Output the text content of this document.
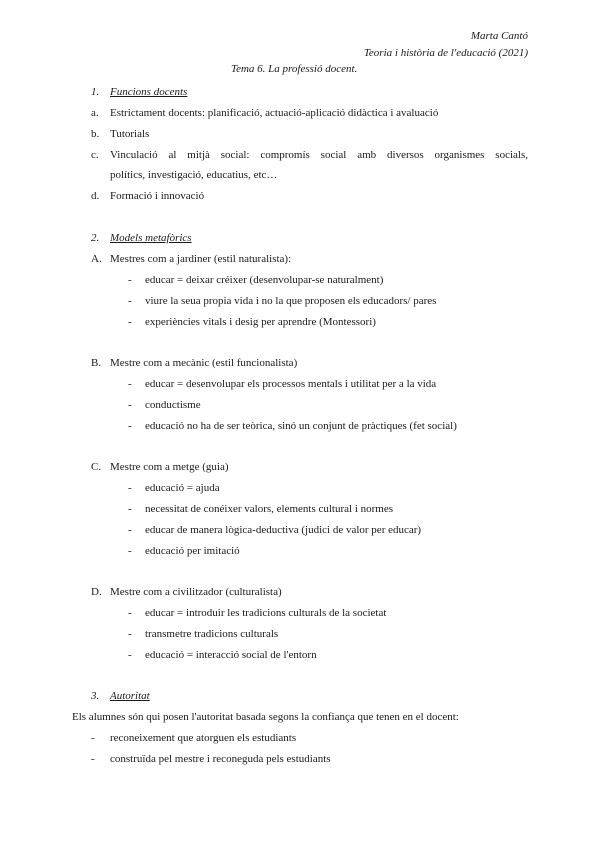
Marta Cantó
Teoria i història de l'educació (2021)
Tema 6. La professió docent.
1. Funcions docents
a. Estrictament docents: planificació, actuació-aplicació didàctica i avaluació
b. Tutorials
c. Vinculació al mitjà social: compromís social amb diversos organismes socials,
polítics, investigació, educatius, etc…
d. Formació i innovació
2. Models metafòrics
A. Mestres com a jardiner (estil naturalista):
- educar = deixar créixer (desenvolupar-se naturalment)
- viure la seua propia vida i no la que proposen els educadors/ pares
- experiències vitals i desig per aprendre (Montessori)
B. Mestre com a mecànic (estil funcionalista)
- educar = desenvolupar els processos mentals i utilitat per a la vida
- conductisme
- educació no ha de ser teòrica, sinó un conjunt de pràctiques (fet social)
C. Mestre com a metge (guia)
- educació = ajuda
- necessitat de conéixer valors, elements cultural i normes
- educar de manera lògica-deductiva (judici de valor per educar)
- educació per imitació
D. Mestre com a civilitzador (culturalista)
- educar = introduir les tradicions culturals de la societat
- transmetre tradicions culturals
- educació = interacció social de l'entorn
3. Autoritat
Els alumnes són qui posen l'autoritat basada segons la confiança que tenen en el docent:
- reconeixement que atorguen els estudiants
- construïda pel mestre i reconeguda pels estudiants
